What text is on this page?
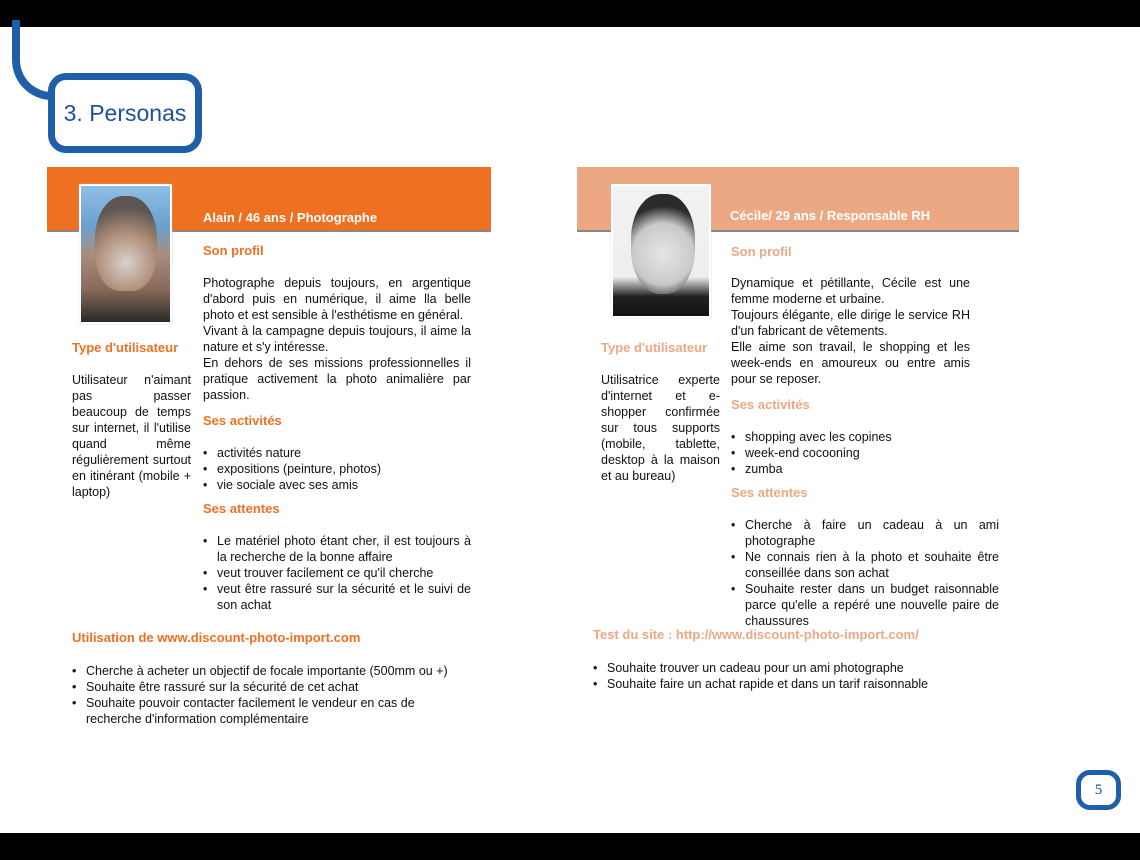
3. Personas
Alain / 46 ans / Photographe
Son profil
Photographe depuis toujours, en argentique d'abord puis en numérique, il aime lla belle photo et est sensible à l'esthétisme en général.
Vivant à la campagne depuis toujours, il aime la nature et s'y intéresse.
En dehors de ses missions professionnelles il pratique activement la photo animalière par passion.
Type d'utilisateur
Utilisateur n'aimant pas passer beaucoup de temps sur internet, il l'utilise quand même régulièrement surtout en itinérant (mobile + laptop)
Ses activités
• activités nature
• expositions (peinture, photos)
• vie sociale avec ses amis
Ses attentes
• Le matériel photo étant cher, il est toujours à la recherche de la bonne affaire
• veut trouver facilement ce qu'il cherche
• veut être rassuré sur la sécurité et le suivi de son achat
Utilisation de www.discount-photo-import.com
• Cherche à acheter un objectif de focale importante (500mm ou +)
• Souhaite être rassuré sur la sécurité de cet achat
• Souhaite pouvoir contacter facilement le vendeur en cas de recherche d'information complémentaire
Cécile/ 29 ans / Responsable RH
Son profil
Dynamique et pétillante, Cécile est une femme moderne et urbaine.
Toujours élégante, elle dirige le service RH d'un fabricant de vêtements.
Elle aime son travail, le shopping et les week-ends en amoureux ou entre amis pour se reposer.
Type d'utilisateur
Utilisatrice experte d'internet et e-shopper confirmée sur tous supports (mobile, tablette, desktop à la maison et au bureau)
Ses activités
• shopping avec les copines
• week-end cocooning
• zumba
Ses attentes
• Cherche à faire un cadeau à un ami photographe
• Ne connais rien à la photo et souhaite être conseillée dans son achat
• Souhaite rester dans un budget raisonnable parce qu'elle a repéré une nouvelle paire de chaussures
Test du site : http://www.discount-photo-import.com/
• Souhaite trouver un cadeau pour un ami photographe
• Souhaite faire un achat rapide et dans un tarif raisonnable
5
